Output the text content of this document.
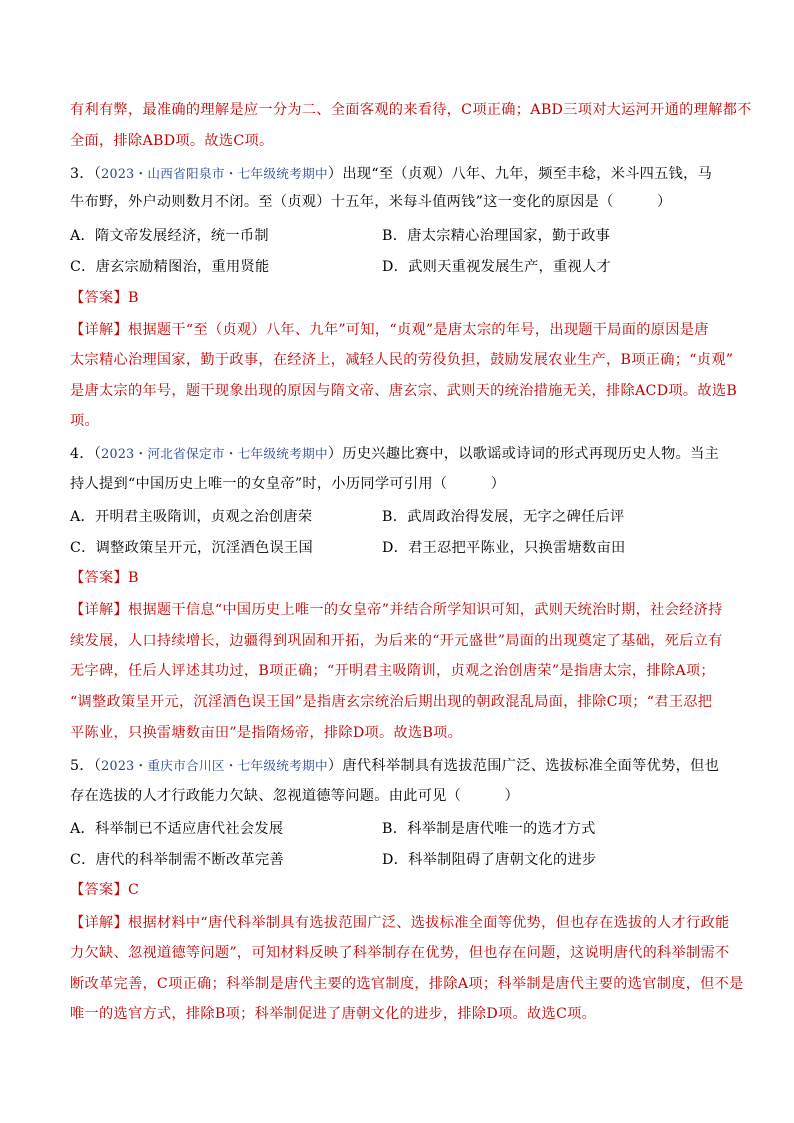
有利有弊，最准确的理解是应一分为二、全面客观的来看待，C项正确；ABD三项对大运河开通的理解都不
全面，排除ABD项。故选C项。
3．（2023・山西省阳泉市・七年级统考期中）出现“至（贞观）八年、九年，频至丰稔，米斗四五钱，马
牛布野，外户动则数月不闭。至（贞观）十五年，米每斗值两钱”这一变化的原因是（　　　）
A．隋文帝发展经济，统一币制	B．唐太宗精心治理国家，勤于政事
C．唐玄宗励精图治，重用贤能	D．武则天重视发展生产，重视人才
【答案】B
【详解】根据题干“至（贞观）八年、九年”可知，“贞观”是唐太宗的年号，出现题干局面的原因是唐
太宗精心治理国家，勤于政事，在经济上，减轻人民的劳役负担，鼓励发展农业生产，B项正确；“贞观”
是唐太宗的年号，题干现象出现的原因与隋文帝、唐玄宗、武则天的统治措施无关，排除ACD项。故选B
项。
4．（2023・河北省保定市・七年级统考期中）历史兴趣比赛中，以歌谣或诗词的形式再现历史人物。当主
持人提到“中国历史上唯一的女皇帝”时，小历同学可引用（　　　）
A．开明君主吸隋训，贞观之治创唐荣	B．武周政治得发展，无字之碑任后评
C．调整政策呈开元，沉淫酒色误王国	D．君王忍把平陈业，只换雷塘数亩田
【答案】B
【详解】根据题干信息“中国历史上唯一的女皇帝”并结合所学知识可知，武则天统治时期，社会经济持
续发展，人口持续增长，边疆得到巩固和开拓，为后来的“开元盛世”局面的出现奠定了基础，死后立有
无字碑，任后人评述其功过，B项正确；“开明君主吸隋训，贞观之治创唐荣”是指唐太宗，排除A项；
“调整政策呈开元，沉淫酒色误王国”是指唐玄宗统治后期出现的朝政混乱局面，排除C项；“君王忍把
平陈业，只换雷塘数亩田”是指隋炀帝，排除D项。故选B项。
5．（2023・重庆市合川区・七年级统考期中）唐代科举制具有选拔范围广泛、选拔标准全面等优势，但也
存在选拔的人才行政能力欠缺、忽视道德等问题。由此可见（　　　）
A．科举制已不适应唐代社会发展	B．科举制是唐代唯一的选才方式
C．唐代的科举制需不断改革完善	D．科举制阻碍了唐朝文化的进步
【答案】C
【详解】根据材料中“唐代科举制具有选拔范围广泛、选拔标准全面等优势，但也存在选拔的人才行政能
力欠缺、忽视道德等问题”，可知材料反映了科举制存在优势，但也存在问题，这说明唐代的科举制需不
断改革完善，C项正确；科举制是唐代主要的选官制度，排除A项；科举制是唐代主要的选官制度，但不是
唯一的选官方式，排除B项；科举制促进了唐朝文化的进步，排除D项。故选C项。
